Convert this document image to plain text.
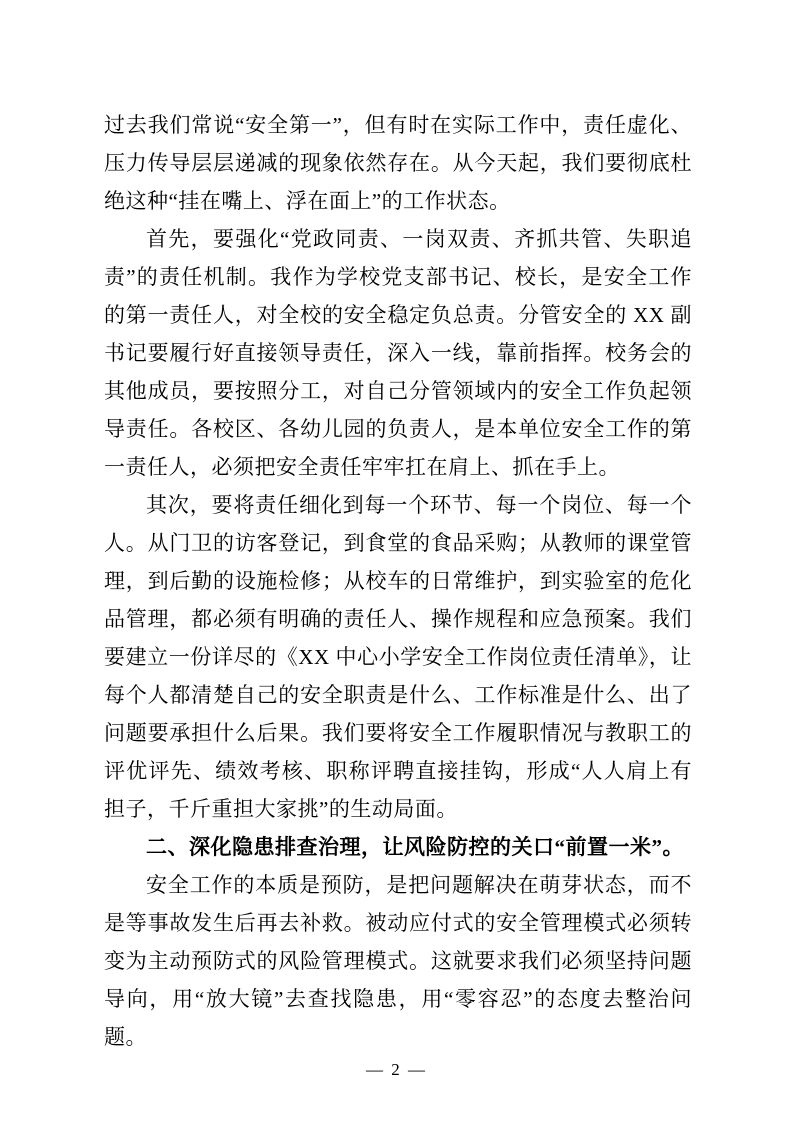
过去我们常说“安全第一”，但有时在实际工作中，责任虚化、压力传导层层递减的现象依然存在。从今天起，我们要彻底杜绝这种“挂在嘴上、浮在面上”的工作状态。

首先，要强化“党政同责、一岗双责、齐抓共管、失职追责”的责任机制。我作为学校党支部书记、校长，是安全工作的第一责任人，对全校的安全稳定负总责。分管安全的 XX 副书记要履行好直接领导责任，深入一线，靠前指挥。校务会的其他成员，要按照分工，对自己分管领域内的安全工作负起领导责任。各校区、各幼儿园的负责人，是本单位安全工作的第一责任人，必须把安全责任牢牢扛在肩上、抓在手上。

其次，要将责任细化到每一个环节、每一个岗位、每一个人。从门卫的访客登记，到食堂的食品采购；从教师的课堂管理，到后勤的设施检修；从校车的日常维护，到实验室的危化品管理，都必须有明确的责任人、操作规程和应急预案。我们要建立一份详尽的《XX 中心小学安全工作岗位责任清单》，让每个人都清楚自己的安全职责是什么、工作标准是什么、出了问题要承担什么后果。我们要将安全工作履职情况与教职工的评优评先、绩效考核、职称评聘直接挂钩，形成“人人肩上有担子，千斤重担大家挑”的生动局面。

二、深化隐患排查治理，让风险防控的关口“前置一米”。

安全工作的本质是预防，是把问题解决在萌芽状态，而不是等事故发生后再去补救。被动应付式的安全管理模式必须转变为主动预防式的风险管理模式。这就要求我们必须坚持问题导向，用“放大镜”去查找隐患，用“零容忍”的态度去整治问题。

— 2 —
